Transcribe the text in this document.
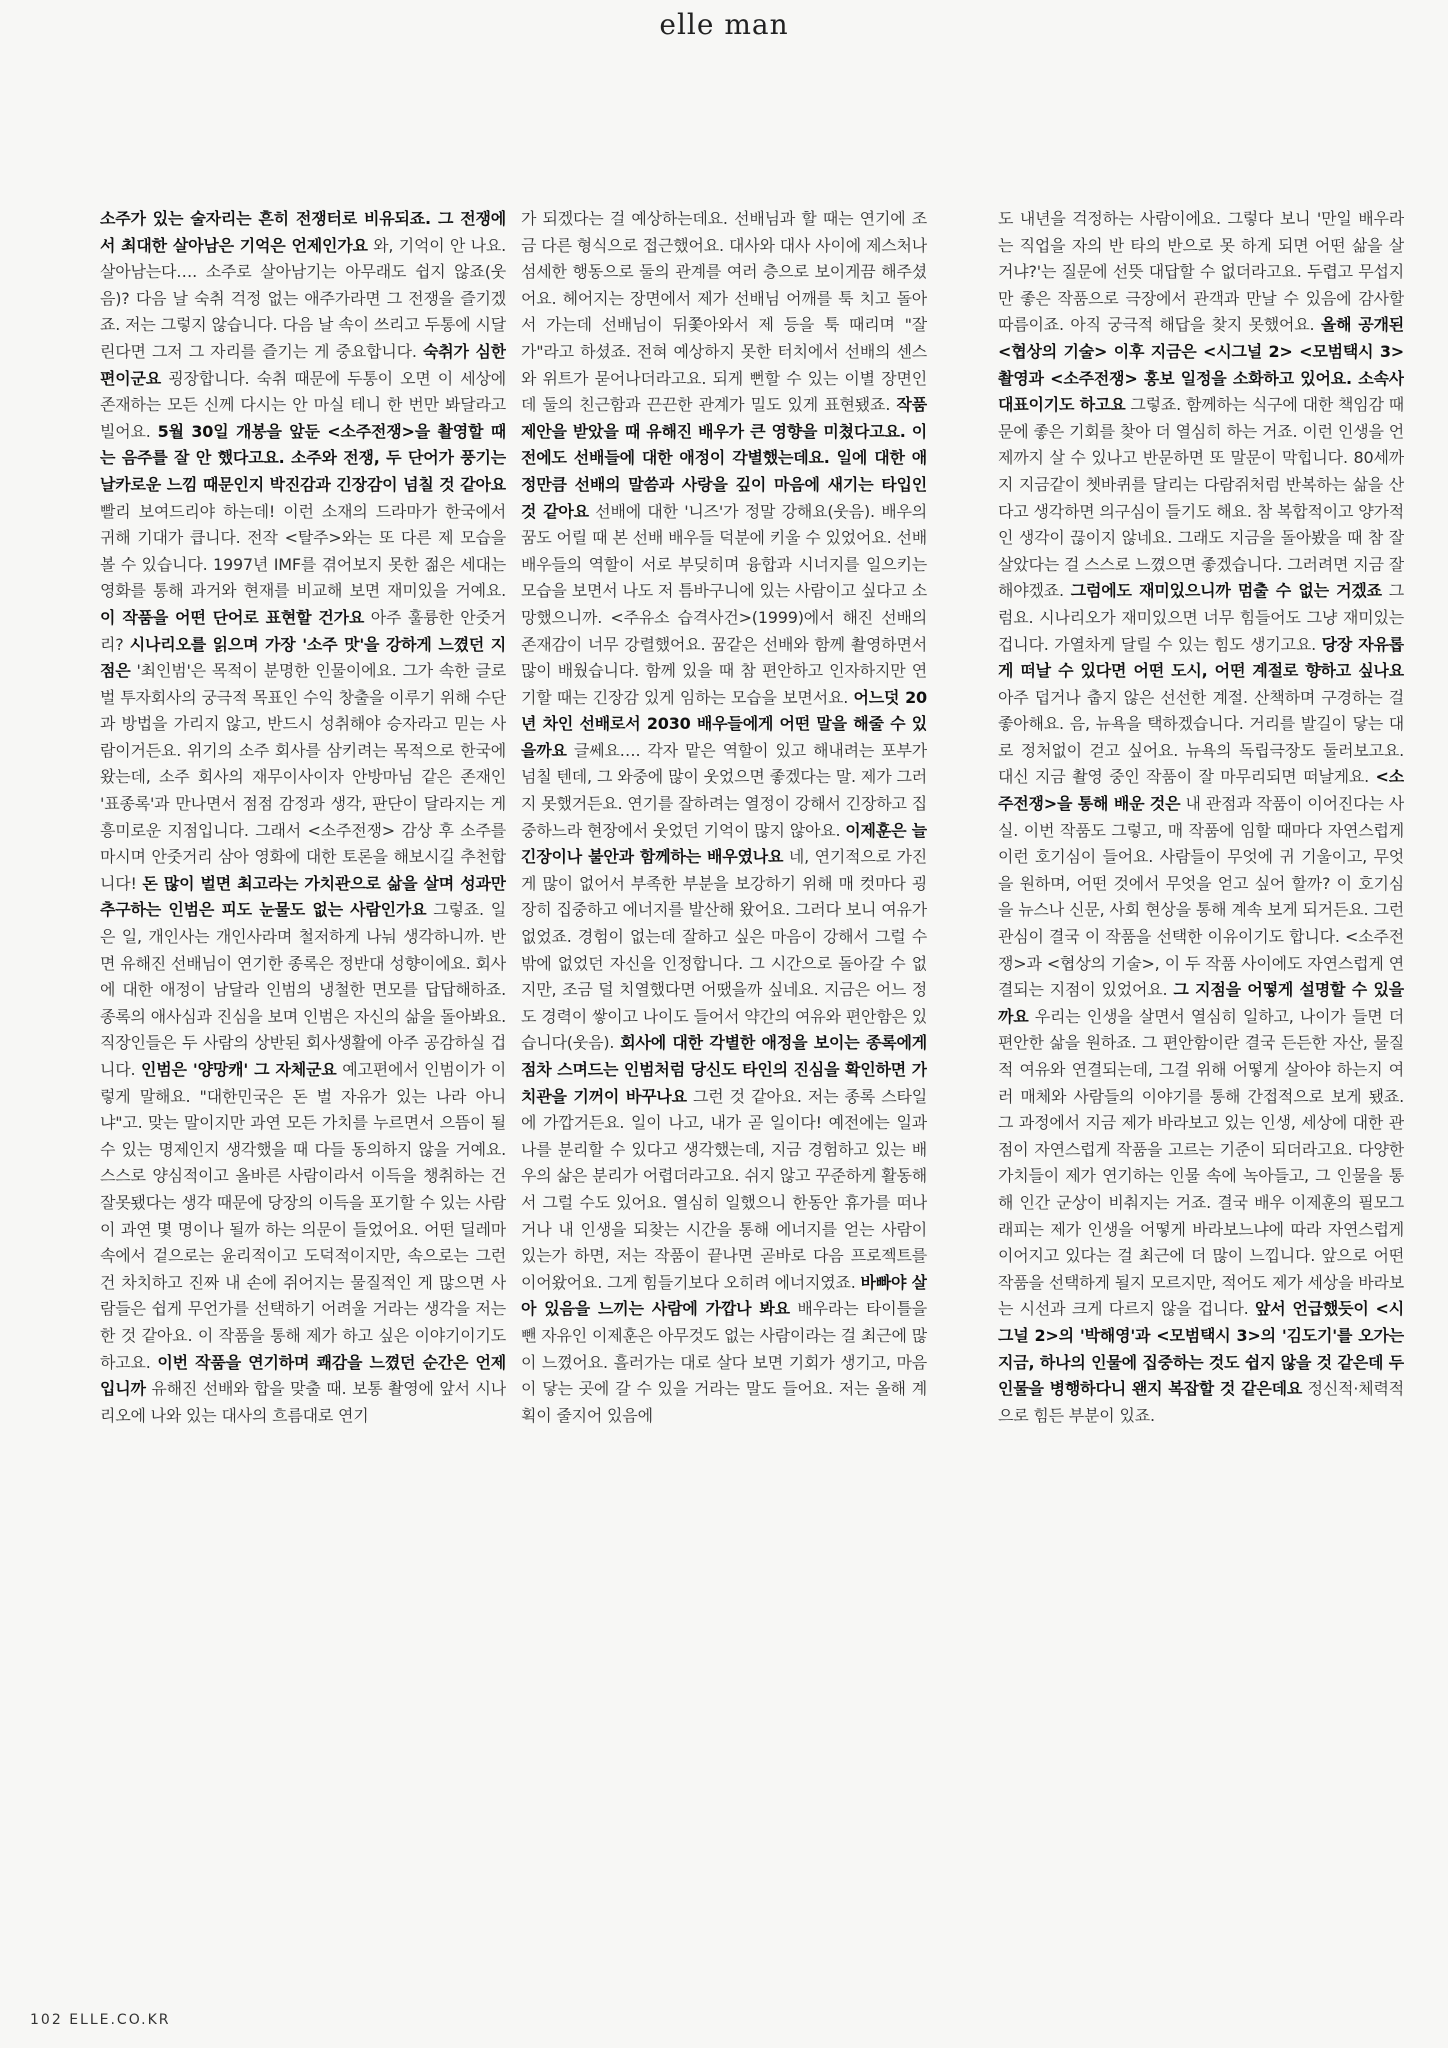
elle man
소주가 있는 술자리는 흔히 전쟁터로 비유되죠. 그 전쟁에서 최대한 살아남은 기억은 언제인가요 와, 기억이 안 나요. 살아남는다…. 소주로 살아남기는 아무래도 쉽지 않죠(웃음)? 다음 날 숙취 걱정 없는 애주가라면 그 전쟁을 즐기겠죠. 저는 그렇지 않습니다. 다음 날 속이 쓰리고 두통에 시달린다면 그저 그 자리를 즐기는 게 중요합니다. 숙취가 심한 편이군요 굉장합니다. 숙취 때문에 두통이 오면 이 세상에 존재하는 모든 신께 다시는 안 마실 테니 한 번만 봐달라고 빌어요. 5월 30일 개봉을 앞둔 <소주전쟁>을 촬영할 때는 음주를 잘 안 했다고요. 소주와 전쟁, 두 단어가 풍기는 날카로운 느낌 때문인지 박진감과 긴장감이 넘칠 것 같아요 빨리 보여드리야 하는데! 이런 소재의 드라마가 한국에서 귀해 기대가 큽니다. 전작 <탈주>와는 또 다른 제 모습을 볼 수 있습니다. 1997년 IMF를 겪어보지 못한 젊은 세대는 영화를 통해 과거와 현재를 비교해 보면 재미있을 거예요. 이 작품을 어떤 단어로 표현할 건가요 아주 훌륭한 안줏거리? 시나리오를 읽으며 가장 '소주 맛'을 강하게 느꼈던 지점은 '최인범'은 목적이 분명한 인물이에요. 그가 속한 글로벌 투자회사의 궁극적 목표인 수익 창출을 이루기 위해 수단과 방법을 가리지 않고, 반드시 성취해야 승자라고 믿는 사람이거든요. 위기의 소주 회사를 삼키려는 목적으로 한국에 왔는데, 소주 회사의 재무이사이자 안방마님 같은 존재인 '표종록'과 만나면서 점점 감정과 생각, 판단이 달라지는 게 흥미로운 지점입니다. 그래서 <소주전쟁> 감상 후 소주를 마시며 안줏거리 삼아 영화에 대한 토론을 해보시길 추천합니다! 돈 많이 벌면 최고라는 가치관으로 삶을 살며 성과만 추구하는 인범은 피도 눈물도 없는 사람인가요 그렇죠. 일은 일, 개인사는 개인사라며 철저하게 나눠 생각하니까. 반면 유해진 선배님이 연기한 종록은 정반대 성향이에요. 회사에 대한 애정이 남달라 인범의 냉철한 면모를 답답해하죠. 종록의 애사심과 진심을 보며 인범은 자신의 삶을 돌아봐요. 직장인들은 두 사람의 상반된 회사생활에 아주 공감하실 겁니다. 인범은 '양망캐' 그 자체군요 예고편에서 인범이가 이렇게 말해요. "대한민국은 돈 벌 자유가 있는 나라 아니냐"고. 맞는 말이지만 과연 모든 가치를 누르면서 으뜸이 될 수 있는 명제인지 생각했을 때 다들 동의하지 않을 거예요. 스스로 양심적이고 올바른 사람이라서 이득을 챙취하는 건 잘못됐다는 생각 때문에 당장의 이득을 포기할 수 있는 사람이 과연 몇 명이나 될까 하는 의문이 들었어요. 어떤 딜레마 속에서 겉으로는 윤리적이고 도덕적이지만, 속으로는 그런 건 차치하고 진짜 내 손에 쥐어지는 물질적인 게 많으면 사람들은 쉽게 무언가를 선택하기 어려울 거라는 생각을 저는 한 것 같아요. 이 작품을 통해 제가 하고 싶은 이야기이기도 하고요. 이번 작품을 연기하며 쾌감을 느꼈던 순간은 언제입니까 유해진 선배와 합을 맞출 때. 보통 촬영에 앞서 시나리오에 나와 있는 대사의 흐름대로 연기
가 되겠다는 걸 예상하는데요. 선배님과 할 때는 연기에 조금 다른 형식으로 접근했어요. 대사와 대사 사이에 제스처나 섬세한 행동으로 둘의 관계를 여러 층으로 보이게끔 해주셨어요. 헤어지는 장면에서 제가 선배님 어깨를 툭 치고 돌아서 가는데 선배님이 뒤쫓아와서 제 등을 툭 때리며 "잘 가"라고 하셨죠. 전혀 예상하지 못한 터치에서 선배의 센스와 위트가 묻어나더라고요. 되게 뻔할 수 있는 이별 장면인데 둘의 친근함과 끈끈한 관계가 밀도 있게 표현됐죠. 작품 제안을 받았을 때 유해진 배우가 큰 영향을 미쳤다고요. 이전에도 선배들에 대한 애정이 각별했는데요. 일에 대한 애정만큼 선배의 말씀과 사랑을 깊이 마음에 새기는 타입인 것 같아요 선배에 대한 '니즈'가 정말 강해요(웃음). 배우의 꿈도 어릴 때 본 선배 배우들 덕분에 키울 수 있었어요. 선배 배우들의 역할이 서로 부딪히며 융합과 시너지를 일으키는 모습을 보면서 나도 저 틈바구니에 있는 사람이고 싶다고 소망했으니까. <주유소 습격사건>(1999)에서 해진 선배의 존재감이 너무 강렬했어요. 꿈같은 선배와 함께 촬영하면서 많이 배웠습니다. 함께 있을 때 참 편안하고 인자하지만 연기할 때는 긴장감 있게 임하는 모습을 보면서요. 어느덧 20년 차인 선배로서 2030 배우들에게 어떤 말을 해줄 수 있을까요 글쎄요…. 각자 맡은 역할이 있고 해내려는 포부가 넘칠 텐데, 그 와중에 많이 웃었으면 좋겠다는 말. 제가 그러지 못했거든요. 연기를 잘하려는 열정이 강해서 긴장하고 집중하느라 현장에서 웃었던 기억이 많지 않아요. 이제훈은 늘 긴장이나 불안과 함께하는 배우였나요 네, 연기적으로 가진 게 많이 없어서 부족한 부분을 보강하기 위해 매 컷마다 굉장히 집중하고 에너지를 발산해 왔어요. 그러다 보니 여유가 없었죠. 경험이 없는데 잘하고 싶은 마음이 강해서 그럴 수밖에 없었던 자신을 인정합니다. 그 시간으로 돌아갈 수 없지만, 조금 덜 치열했다면 어땠을까 싶네요. 지금은 어느 정도 경력이 쌓이고 나이도 들어서 약간의 여유와 편안함은 있습니다(웃음). 회사에 대한 각별한 애정을 보이는 종록에게 점차 스며드는 인범처럼 당신도 타인의 진심을 확인하면 가치관을 기꺼이 바꾸나요 그런 것 같아요. 저는 종록 스타일에 가깝거든요. 일이 나고, 내가 곧 일이다! 예전에는 일과 나를 분리할 수 있다고 생각했는데, 지금 경험하고 있는 배우의 삶은 분리가 어렵더라고요. 쉬지 않고 꾸준하게 활동해서 그럴 수도 있어요. 열심히 일했으니 한동안 휴가를 떠나거나 내 인생을 되찾는 시간을 통해 에너지를 얻는 사람이 있는가 하면, 저는 작품이 끝나면 곧바로 다음 프로젝트를 이어왔어요. 그게 힘들기보다 오히려 에너지였죠. 바빠야 살아 있음을 느끼는 사람에 가깝나 봐요 배우라는 타이틀을 뺀 자유인 이제훈은 아무것도 없는 사람이라는 걸 최근에 많이 느꼈어요. 흘러가는 대로 살다 보면 기회가 생기고, 마음이 닿는 곳에 갈 수 있을 거라는 말도 들어요. 저는 올해 계획이 줄지어 있음에
도 내년을 걱정하는 사람이에요. 그렇다 보니 '만일 배우라는 직업을 자의 반 타의 반으로 못 하게 되면 어떤 삶을 살 거냐?'는 질문에 선뜻 대답할 수 없더라고요. 두렵고 무섭지만 좋은 작품으로 극장에서 관객과 만날 수 있음에 감사할 따름이죠. 아직 궁극적 해답을 찾지 못했어요. 올해 공개된 <협상의 기술> 이후 지금은 <시그널 2> <모범택시 3> 촬영과 <소주전쟁> 홍보 일정을 소화하고 있어요. 소속사 대표이기도 하고요 그렇죠. 함께하는 식구에 대한 책임감 때문에 좋은 기회를 찾아 더 열심히 하는 거죠. 이런 인생을 언제까지 살 수 있나고 반문하면 또 말문이 막힙니다. 80세까지 지금같이 쳇바퀴를 달리는 다람쥐처럼 반복하는 삶을 산다고 생각하면 의구심이 들기도 해요. 참 복합적이고 양가적인 생각이 끊이지 않네요. 그래도 지금을 돌아봤을 때 참 잘 살았다는 걸 스스로 느꼈으면 좋겠습니다. 그러려면 지금 잘해야겠죠. 그럼에도 재미있으니까 멈출 수 없는 거겠죠 그럼요. 시나리오가 재미있으면 너무 힘들어도 그냥 재미있는 겁니다. 가열차게 달릴 수 있는 힘도 생기고요. 당장 자유롭게 떠날 수 있다면 어떤 도시, 어떤 계절로 향하고 싶나요 아주 덥거나 춥지 않은 선선한 계절. 산책하며 구경하는 걸 좋아해요. 음, 뉴욕을 택하겠습니다. 거리를 발길이 닿는 대로 정처없이 걷고 싶어요. 뉴욕의 독립극장도 둘러보고요. 대신 지금 촬영 중인 작품이 잘 마무리되면 떠날게요. <소주전쟁>을 통해 배운 것은 내 관점과 작품이 이어진다는 사실. 이번 작품도 그렇고, 매 작품에 임할 때마다 자연스럽게 이런 호기심이 들어요. 사람들이 무엇에 귀 기울이고, 무엇을 원하며, 어떤 것에서 무엇을 얻고 싶어 할까? 이 호기심을 뉴스나 신문, 사회 현상을 통해 계속 보게 되거든요. 그런 관심이 결국 이 작품을 선택한 이유이기도 합니다. <소주전쟁>과 <협상의 기술>, 이 두 작품 사이에도 자연스럽게 연결되는 지점이 있었어요. 그 지점을 어떻게 설명할 수 있을까요 우리는 인생을 살면서 열심히 일하고, 나이가 들면 더 편안한 삶을 원하죠. 그 편안함이란 결국 든든한 자산, 물질적 여유와 연결되는데, 그걸 위해 어떻게 살아야 하는지 여러 매체와 사람들의 이야기를 통해 간접적으로 보게 됐죠. 그 과정에서 지금 제가 바라보고 있는 인생, 세상에 대한 관점이 자연스럽게 작품을 고르는 기준이 되더라고요. 다양한 가치들이 제가 연기하는 인물 속에 녹아들고, 그 인물을 통해 인간 군상이 비춰지는 거죠. 결국 배우 이제훈의 필모그래피는 제가 인생을 어떻게 바라보느냐에 따라 자연스럽게 이어지고 있다는 걸 최근에 더 많이 느낍니다. 앞으로 어떤 작품을 선택하게 될지 모르지만, 적어도 제가 세상을 바라보는 시선과 크게 다르지 않을 겁니다. 앞서 언급했듯이 <시그널 2>의 '박해영'과 <모범택시 3>의 '김도기'를 오가는 지금, 하나의 인물에 집중하는 것도 쉽지 않을 것 같은데 두 인물을 병행하다니 왠지 복잡할 것 같은데요 정신적·체력적으로 힘든 부분이 있죠.
102 ELLE.CO.KR
